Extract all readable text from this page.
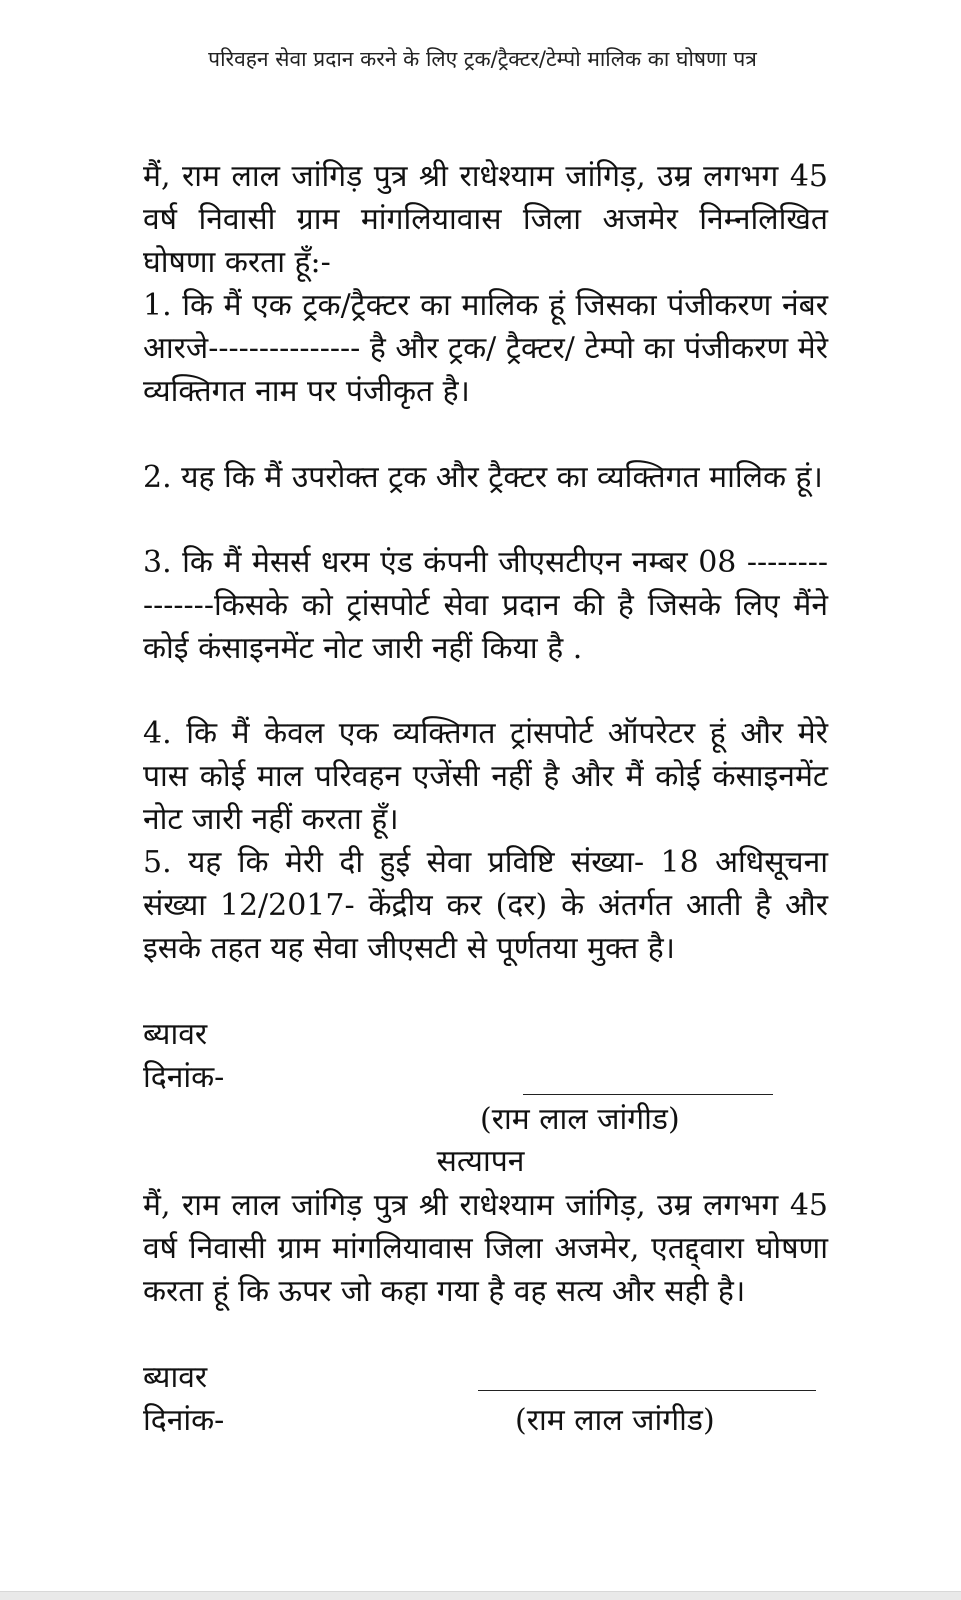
परिवहन सेवा प्रदान करने के लिए ट्रक/ट्रैक्टर/टेम्पो मालिक का घोषणा पत्र

मैं, राम लाल जांगिड़ पुत्र श्री राधेश्याम जांगिड़, उम्र लगभग 45 वर्ष निवासी ग्राम मांगलियावास जिला अजमेर निम्नलिखित घोषणा करता हूँ:-

1. कि मैं एक ट्रक/ट्रैक्टर का मालिक हूं जिसका पंजीकरण नंबर आरजे--------------- है और ट्रक/ ट्रैक्टर/ टेम्पो का पंजीकरण मेरे व्यक्तिगत नाम पर पंजीकृत है।

2. यह कि मैं उपरोक्त ट्रक और ट्रैक्टर का व्यक्तिगत मालिक हूं।

3. कि मैं मेसर्स धरम एंड कंपनी जीएसटीएन नम्बर 08 ---------------किसके को ट्रांसपोर्ट सेवा प्रदान की है जिसके लिए मैंने कोई कंसाइनमेंट नोट जारी नहीं किया है .

4. कि मैं केवल एक व्यक्तिगत ट्रांसपोर्ट ऑपरेटर हूं और मेरे पास कोई माल परिवहन एजेंसी नहीं है और मैं कोई कंसाइनमेंट नोट जारी नहीं करता हूँ।

5. यह कि मेरी दी हुई सेवा प्रविष्टि संख्या- 18 अधिसूचना संख्या 12/2017- केंद्रीय कर (दर) के अंतर्गत आती है और इसके तहत यह सेवा जीएसटी से पूर्णतया मुक्त है।

ब्यावर
दिनांक-
(राम लाल जांगीड)
सत्यापन

मैं, राम लाल जांगिड़ पुत्र श्री राधेश्याम जांगिड़, उम्र लगभग 45 वर्ष निवासी ग्राम मांगलियावास जिला अजमेर, एतद्द्वारा घोषणा करता हूं कि ऊपर जो कहा गया है वह सत्य और सही है।

ब्यावर
दिनांक-	(राम लाल जांगीड)
